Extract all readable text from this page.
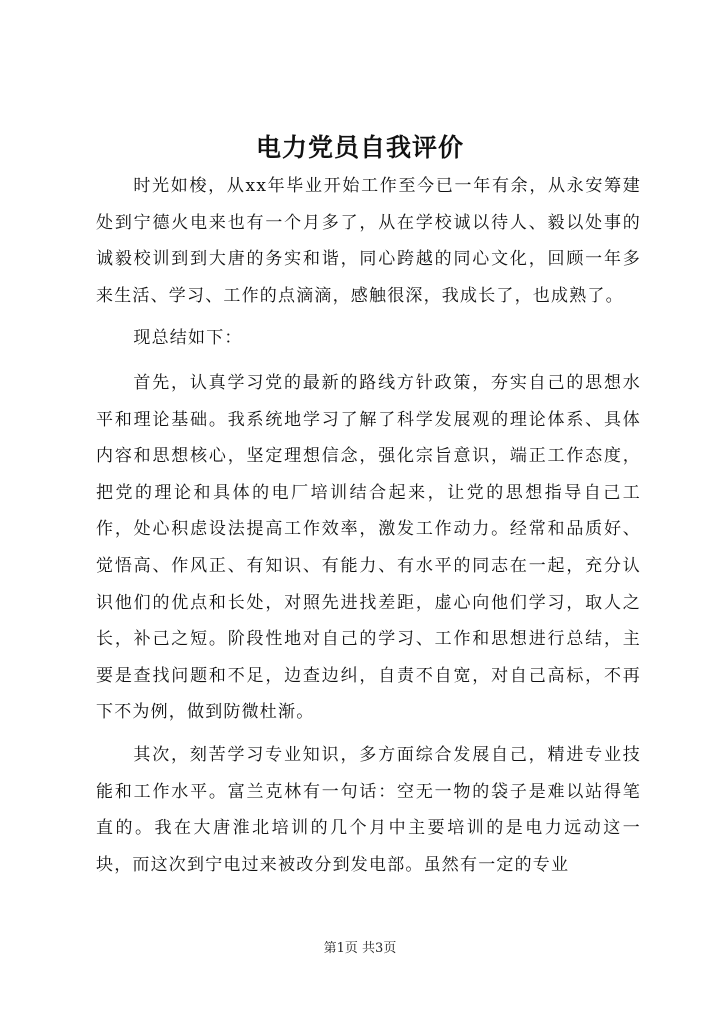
电力党员自我评价

时光如梭，从xx年毕业开始工作至今已一年有余，从永安筹建处到宁德火电来也有一个月多了，从在学校诚以待人、毅以处事的诚毅校训到到大唐的务实和谐，同心跨越的同心文化，回顾一年多来生活、学习、工作的点滴滴，感触很深，我成长了，也成熟了。

现总结如下：

首先，认真学习党的最新的路线方针政策，夯实自己的思想水平和理论基础。我系统地学习了解了科学发展观的理论体系、具体内容和思想核心，坚定理想信念，强化宗旨意识，端正工作态度，把党的理论和具体的电厂培训结合起来，让党的思想指导自己工作，处心积虑设法提高工作效率，激发工作动力。经常和品质好、觉悟高、作风正、有知识、有能力、有水平的同志在一起，充分认识他们的优点和长处，对照先进找差距，虚心向他们学习，取人之长，补己之短。阶段性地对自己的学习、工作和思想进行总结，主要是查找问题和不足，边查边纠，自责不自宽，对自己高标，不再下不为例，做到防微杜渐。

其次，刻苦学习专业知识，多方面综合发展自己，精进专业技能和工作水平。富兰克林有一句话：空无一物的袋子是难以站得笔直的。我在大唐淮北培训的几个月中主要培训的是电力远动这一块，而这次到宁电过来被改分到发电部。虽然有一定的专业

第1页 共3页
